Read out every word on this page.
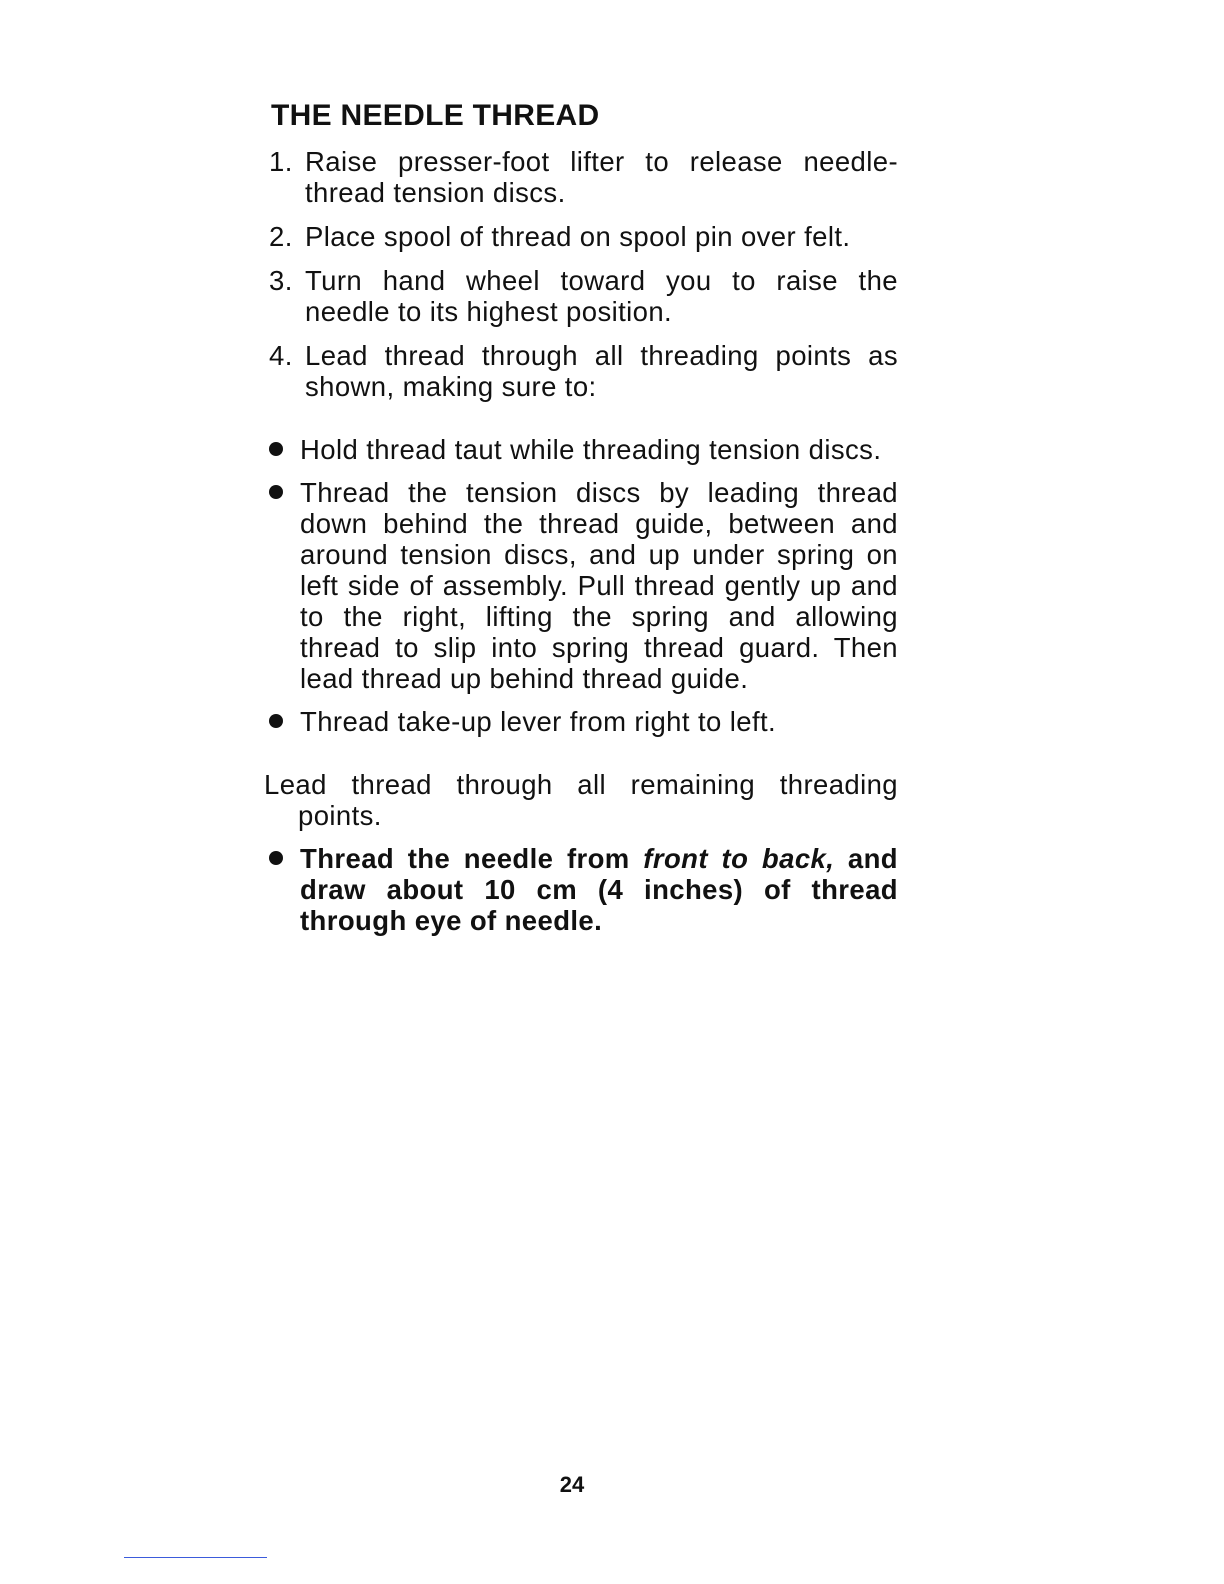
THE NEEDLE THREAD
1. Raise presser-foot lifter to release needle-thread tension discs.
2. Place spool of thread on spool pin over felt.
3. Turn hand wheel toward you to raise the needle to its highest position.
4. Lead thread through all threading points as shown, making sure to:
Hold thread taut while threading tension discs.
Thread the tension discs by leading thread down behind the thread guide, between and around tension discs, and up under spring on left side of assembly. Pull thread gently up and to the right, lifting the spring and allowing thread to slip into spring thread guard. Then lead thread up behind thread guide.
Thread take-up lever from right to left.

Lead thread through all remaining threading points.

Thread the needle from front to back, and draw about 10 cm (4 inches) of thread through eye of needle.
24
